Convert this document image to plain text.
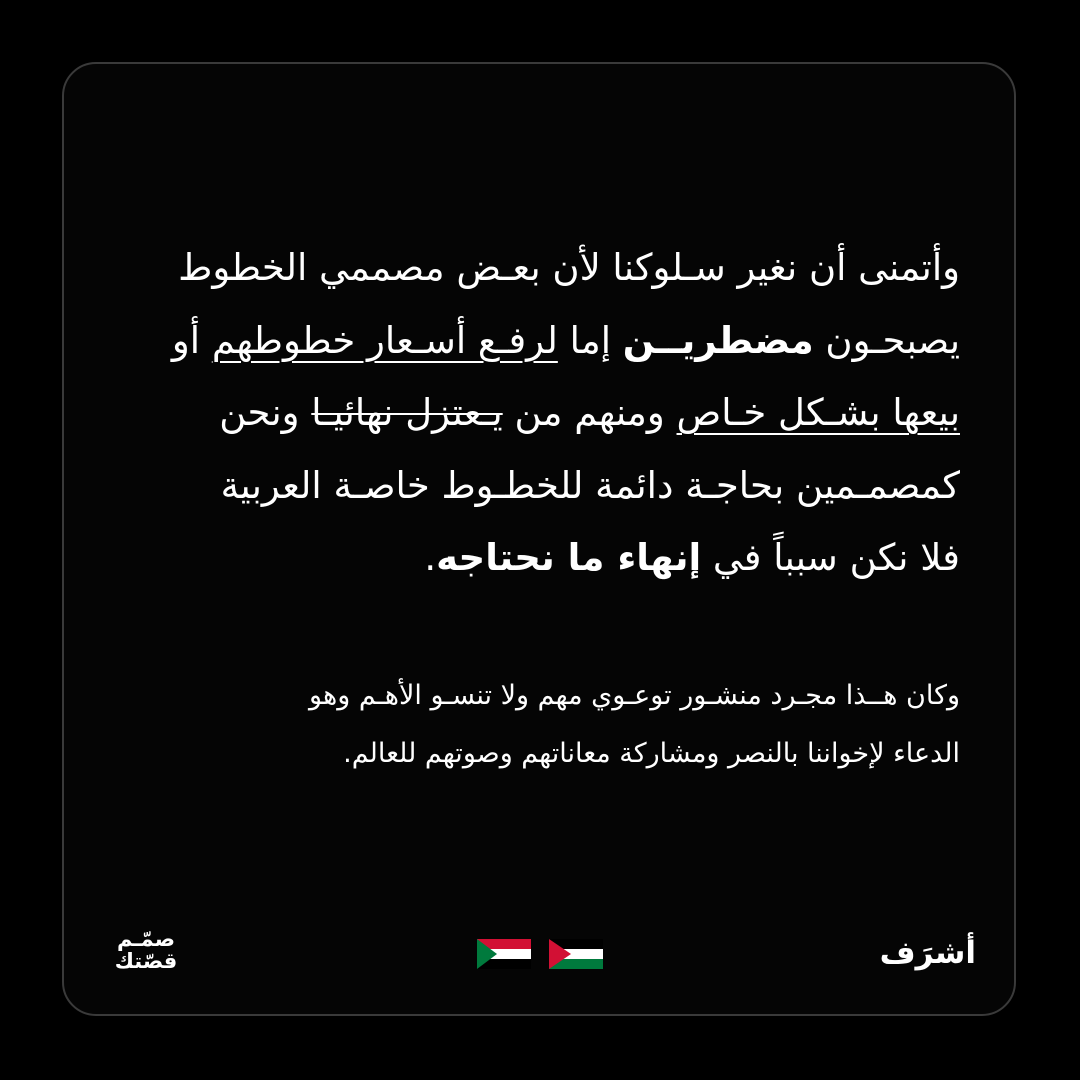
وأتمنى أن نغير سـلوكنا لأن بعـض مصممي الخطوط
يصبحـون مضطريــن إما لرفـع أسـعار خطوطهم أو
بيعها بشـكل خـاص ومنهم من يـعتزل نهائيـا ونحن
كمصمـمين بحاجـة دائمة للخطـوط خاصـة العربية
فلا نكن سبباً في إنهاء ما نحتاجه.

وكان هــذا مجـرد منشـور توعـوي مهم ولا تنسـو الأهـم وهو
الدعاء لإخواننا بالنصر ومشاركة معاناتهم وصوتهم للعالم.

صمّـم
قصّتك	أشرَف
